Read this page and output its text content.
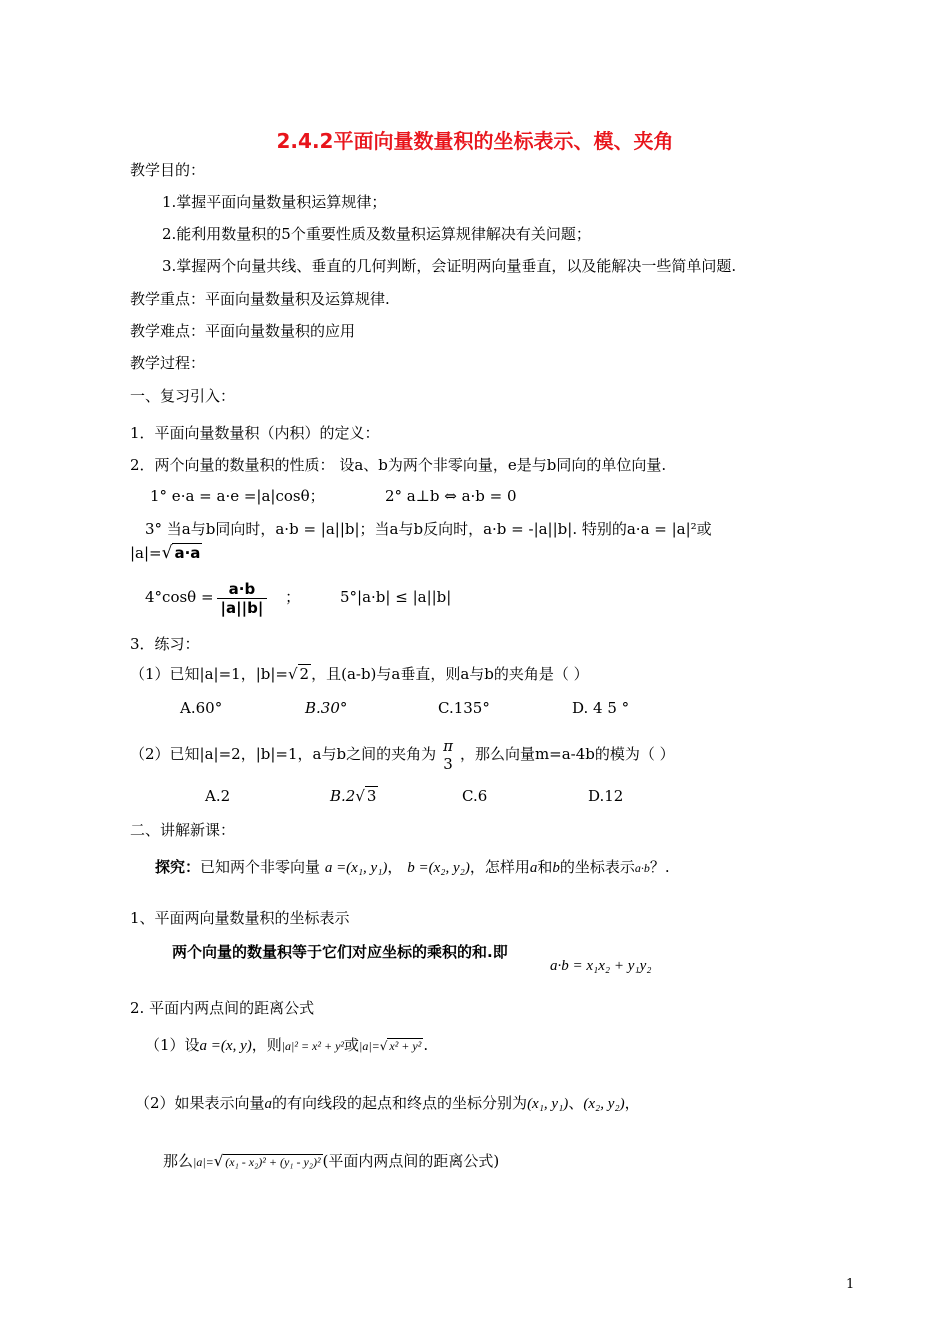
2.4.2平面向量数量积的坐标表示、模、夹角
教学目的：
1.掌握平面向量数量积运算规律；
2.能利用数量积的5个重要性质及数量积运算规律解决有关问题；
3.掌握两个向量共线、垂直的几何判断，会证明两向量垂直，以及能解决一些简单问题.
教学重点：平面向量数量积及运算规律.
教学难点：平面向量数量积的应用
教学过程：
一、复习引入：
1．平面向量数量积（内积）的定义：
2．两个向量的数量积的性质： 设a、b为两个非零向量，e是与b同向的单位向量.
1° e·a = a·e =|a|cosθ；	2° a⊥b ⇔ a·b = 0
3° 当a与b同向时，a·b = |a||b|；当a与b反向时，a·b = -|a||b|. 特别的a·a = |a|²或
|a|=√ a·a
$4^\circ\cos\theta = \frac{a\cdot b}{|a||b|}$ ；	5°|a·b| ≤ |a||b|
3．练习：
（1）已知|a|=1，|b|=√ 2 ，且(a-b)与a垂直，则a与b的夹角是（ ）
A.60°	B.30°	C.135°	D. 4 5 °
（2）已知|a|=2，|b|=1，a与b之间的夹角为 π
3
，那么向量m=a-4b的模为（ ）
A.2	B.2√ 3	C.6	D.12
二、讲解新课：
探究：已知两个非零向量 a =(x₁, y₁)， b =(x₂, y₂)，怎样用a和b的坐标表示a·b？.
1、平面两向量数量积的坐标表示
两个向量的数量积等于它们对应坐标的乘积的和.即
a·b = x₁x₂ + y₁y₂
2. 平面内两点间的距离公式
（1）设a =(x, y)，则|a|² = x² + y²或|a|=√ x² + y² .
（2）如果表示向量a的有向线段的起点和终点的坐标分别为(x₁, y₁)、(x₂, y₂)，
那么|a|=√ (x₁ - x₂)² + (y₁ - y₂)² (平面内两点间的距离公式)
1
